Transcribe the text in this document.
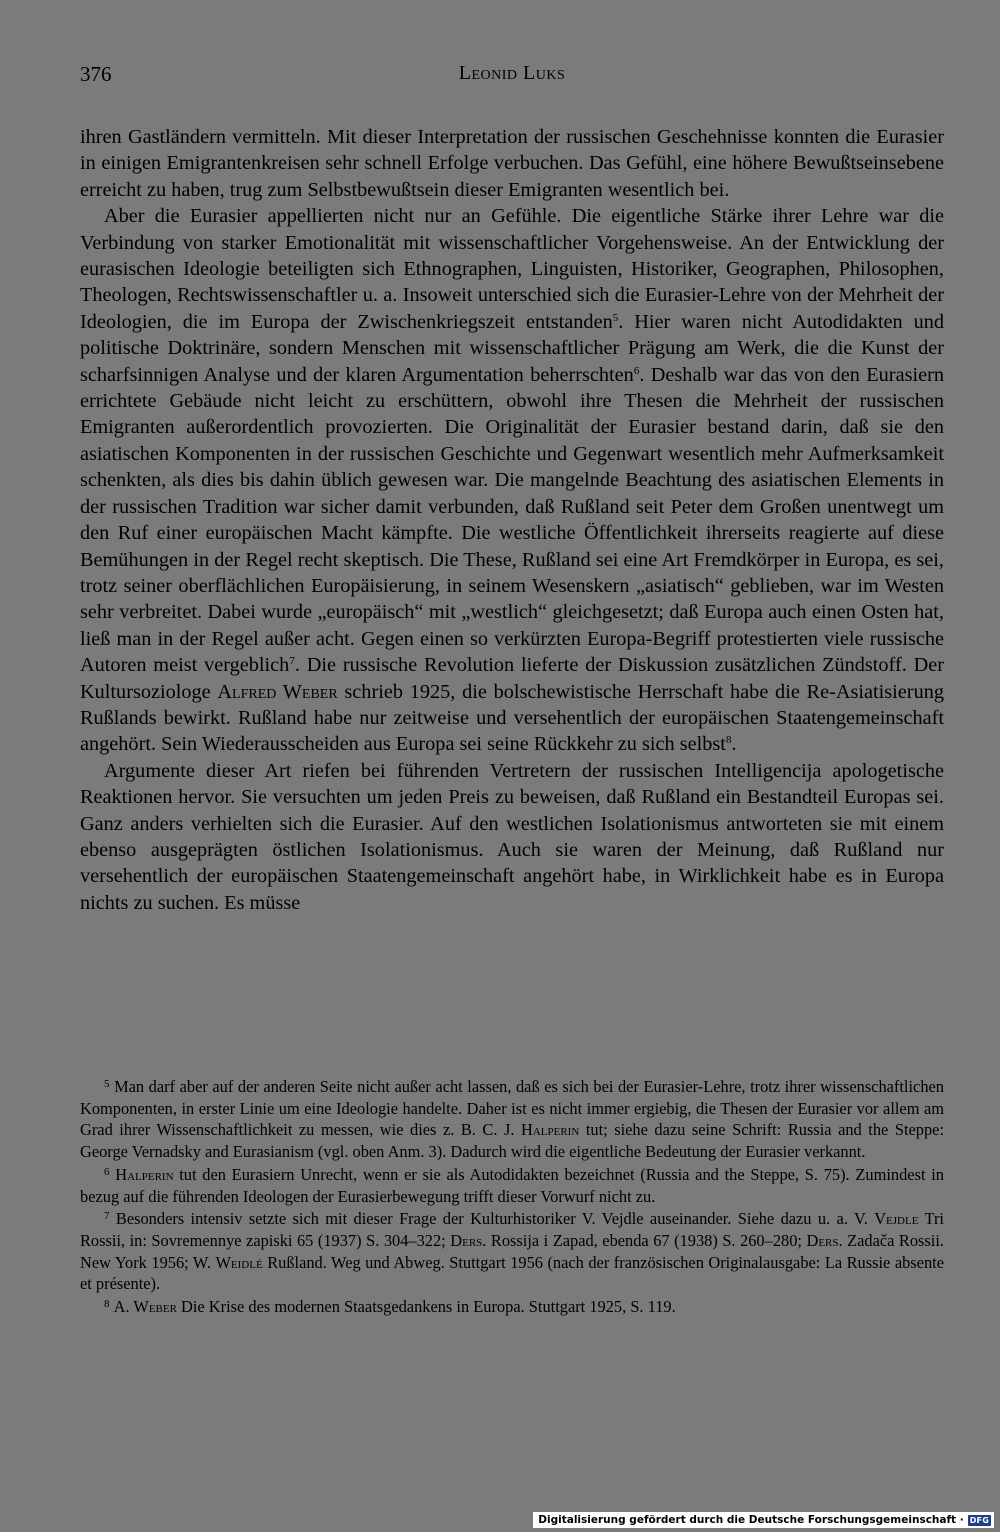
376	Leonid Luks

ihren Gastländern vermitteln. Mit dieser Interpretation der russischen Geschehnisse konnten die Eurasier in einigen Emigrantenkreisen sehr schnell Erfolge verbuchen. Das Gefühl, eine höhere Bewußtseinsebene erreicht zu haben, trug zum Selbstbewußtsein dieser Emigranten wesentlich bei.

Aber die Eurasier appellierten nicht nur an Gefühle. Die eigentliche Stärke ihrer Lehre war die Verbindung von starker Emotionalität mit wissenschaftlicher Vorgehensweise. An der Entwicklung der eurasischen Ideologie beteiligten sich Ethnographen, Linguisten, Historiker, Geographen, Philosophen, Theologen, Rechtswissenschaftler u. a. Insoweit unterschied sich die Eurasier-Lehre von der Mehrheit der Ideologien, die im Europa der Zwischenkriegszeit entstanden$^5$. Hier waren nicht Autodidakten und politische Doktrinäre, sondern Menschen mit wissenschaftlicher Prägung am Werk, die die Kunst der scharfsinnigen Analyse und der klaren Argumentation beherrschten$^6$. Deshalb war das von den Eurasiern errichtete Gebäude nicht leicht zu erschüttern, obwohl ihre Thesen die Mehrheit der russischen Emigranten außerordentlich provozierten. Die Originalität der Eurasier bestand darin, daß sie den asiatischen Komponenten in der russischen Geschichte und Gegenwart wesentlich mehr Aufmerksamkeit schenkten, als dies bis dahin üblich gewesen war. Die mangelnde Beachtung des asiatischen Elements in der russischen Tradition war sicher damit verbunden, daß Rußland seit Peter dem Großen unentwegt um den Ruf einer europäischen Macht kämpfte. Die westliche Öffentlichkeit ihrerseits reagierte auf diese Bemühungen in der Regel recht skeptisch. Die These, Rußland sei eine Art Fremdkörper in Europa, es sei, trotz seiner oberflächlichen Europäisierung, in seinem Wesenskern „asiatisch“ geblieben, war im Westen sehr verbreitet. Dabei wurde „europäisch“ mit „westlich“ gleichgesetzt; daß Europa auch einen Osten hat, ließ man in der Regel außer acht. Gegen einen so verkürzten Europa-Begriff protestierten viele russische Autoren meist vergeblich$^7$. Die russische Revolution lieferte der Diskussion zusätzlichen Zündstoff. Der Kultursoziologe Alfred Weber schrieb 1925, die bolschewistische Herrschaft habe die Re-Asiatisierung Rußlands bewirkt. Rußland habe nur zeitweise und versehentlich der europäischen Staatengemeinschaft angehört. Sein Wiederausscheiden aus Europa sei seine Rückkehr zu sich selbst$^8$.

Argumente dieser Art riefen bei führenden Vertretern der russischen Intelligencija apologetische Reaktionen hervor. Sie versuchten um jeden Preis zu beweisen, daß Rußland ein Bestandteil Europas sei. Ganz anders verhielten sich die Eurasier. Auf den westlichen Isolationismus antworteten sie mit einem ebenso ausgeprägten östlichen Isolationismus. Auch sie waren der Meinung, daß Rußland nur versehentlich der europäischen Staatengemeinschaft angehört habe, in Wirklichkeit habe es in Europa nichts zu suchen. Es müsse

$^5$ Man darf aber auf der anderen Seite nicht außer acht lassen, daß es sich bei der Eurasier-Lehre, trotz ihrer wissenschaftlichen Komponenten, in erster Linie um eine Ideologie handelte. Daher ist es nicht immer ergiebig, die Thesen der Eurasier vor allem am Grad ihrer Wissenschaftlichkeit zu messen, wie dies z. B. C. J. Halperin tut; siehe dazu seine Schrift: Russia and the Steppe: George Vernadsky and Eurasianism (vgl. oben Anm. 3). Dadurch wird die eigentliche Bedeutung der Eurasier verkannt.

$^6$ Halperin tut den Eurasiern Unrecht, wenn er sie als Autodidakten bezeichnet (Russia and the Steppe, S. 75). Zumindest in bezug auf die führenden Ideologen der Eurasierbewegung trifft dieser Vorwurf nicht zu.

$^7$ Besonders intensiv setzte sich mit dieser Frage der Kulturhistoriker V. Vejdle auseinander. Siehe dazu u. a. V. Vejdle Tri Rossii, in: Sovremennye zapiski 65 (1937) S. 304–322; Ders. Rossija i Zapad, ebenda 67 (1938) S. 260–280; Ders. Zadača Rossii. New York 1956; W. Weidlé Rußland. Weg und Abweg. Stuttgart 1956 (nach der französischen Originalausgabe: La Russie absente et présente).

$^8$ A. Weber Die Krise des modernen Staatsgedankens in Europa. Stuttgart 1925, S. 119.

Digitalisierung gefördert durch die Deutsche Forschungsgemeinschaft · DFG
